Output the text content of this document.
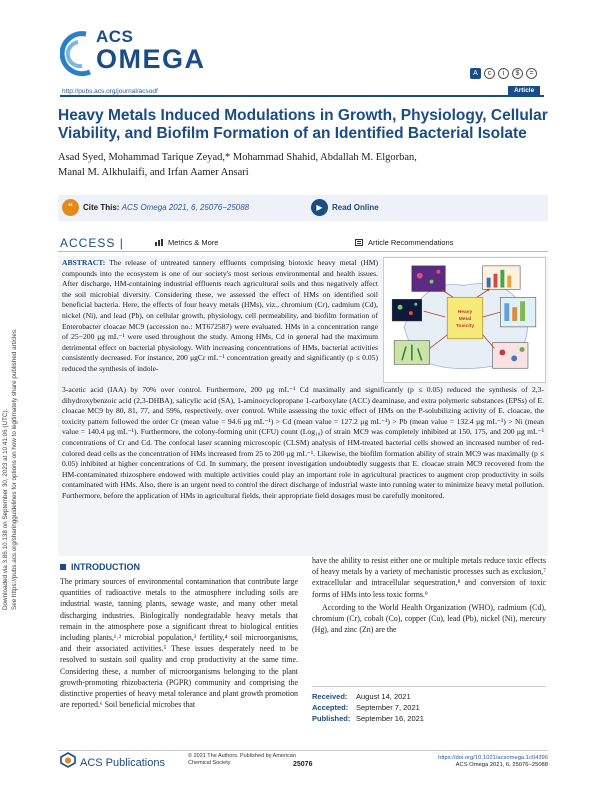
Downloaded via 3.86.10.138 on September 30, 2023 at 10:41:06 (UTC). See https://pubs.acs.org/sharingguidelines for options on how to legitimately share published articles.
ACS
OMEGA	A	c	i	$	=
http://pubs.acs.org/journal/acsodf	Article
Heavy Metals Induced Modulations in Growth, Physiology, Cellular Viability, and Biofilm Formation of an Identified Bacterial Isolate
Asad Syed, Mohammad Tarique Zeyad,* Mohammad Shahid, Abdallah M. Elgorban,
Manal M. Alkhulaifi, and Irfan Aamer Ansari
“	Cite This: ACS Omega 2021, 6, 25076−25088	▶	Read Online
ACCESS |	Metrics & More	Article Recommendations
ABSTRACT: The release of untreated tannery effluents comprising biotoxic heavy metal (HM) compounds into the ecosystem is one of our society's most serious environmental and health issues. After discharge, HM-containing industrial effluents reach agricultural soils and thus negatively affect the soil microbial diversity. Considering these, we assessed the effect of HMs on identified soil beneficial bacteria. Here, the effects of four heavy metals (HMs), viz., chromium (Cr), cadmium (Cd), nickel (Ni), and lead (Pb), on cellular growth, physiology, cell permeability, and biofilm formation of Enterobacter cloacae MC9 (accession no.: MT672587) were evaluated. HMs in a concentration range of 25−200 μg mL⁻¹ were used throughout the study. Among HMs, Cd in general had the maximum detrimental effect on bacterial physiology. With increasing concentrations of HMs, bacterial activities consistently decreased. For instance, 200 μgCr mL⁻¹ concentration greatly and significantly (p ≤ 0.05) reduced the synthesis of indole-
3-acetic acid (IAA) by 70% over control. Furthermore, 200 μg mL⁻¹ Cd maximally and significantly (p ≤ 0.05) reduced the synthesis of 2,3-dihydroxybenzoic acid (2,3-DHBA), salicylic acid (SA), 1-aminocyclopropane 1-carboxylate (ACC) deaminase, and extra polymeric substances (EPSs) of E. cloacae MC9 by 80, 81, 77, and 59%, respectively, over control. While assessing the toxic effect of HMs on the P-solubilizing activity of E. cloacae, the toxicity pattern followed the order Cr (mean value = 94.6 μg mL⁻¹) > Cd (mean value = 127.2 μg mL⁻¹) > Pb (mean value = 132.4 μg mL⁻¹) > Ni (mean value = 140.4 μg mL⁻¹). Furthermore, the colony-forming unit (CFU) count (Log₁₀) of strain MC9 was completely inhibited at 150, 175, and 200 μg mL⁻¹ concentrations of Cr and Cd. The confocal laser scanning microscopic (CLSM) analysis of HM-treated bacterial cells showed an increased number of red-colored dead cells as the concentration of HMs increased from 25 to 200 μg mL⁻¹. Likewise, the biofilm formation ability of strain MC9 was maximally (p ≤ 0.05) inhibited at higher concentrations of Cd. In summary, the present investigation undoubtedly suggests that E. cloacae strain MC9 recovered from the HM-contaminated rhizosphere endowed with multiple activities could play an important role in agricultural practices to augment crop productivity in soils contaminated with HMs. Also, there is an urgent need to control the direct discharge of industrial waste into running water to minimize heavy metal pollution. Furthermore, before the application of HMs in agricultural fields, their appropriate field dosages must be carefully monitored.
Heavy
Metal
Toxicity
INTRODUCTION
The primary sources of environmental contamination that contribute large quantities of radioactive metals to the atmosphere including soils are industrial waste, tanning plants, sewage waste, and many other metal discharging industries. Biologically nondegradable heavy metals that remain in the atmosphere pose a significant threat to biological entities including plants,¹˒² microbial population,³ fertility,⁴ soil microorganisms, and their associated activities.⁵ These issues desperately need to be resolved to sustain soil quality and crop productivity at the same time. Considering these, a number of microorganisms belonging to the plant growth-promoting rhizobacteria (PGPR) community and comprising the distinctive properties of heavy metal tolerance and plant growth promotion are reported.⁶ Soil beneficial microbes that

have the ability to resist either one or multiple metals reduce toxic effects of heavy metals by a variety of mechanistic processes such as exclusion,⁷ extracellular and intracellular sequestration,⁸ and conversion of toxic forms of HMs into less toxic forms.⁹

According to the World Health Organization (WHO), cadmium (Cd), chromium (Cr), cobalt (Co), copper (Cu), lead (Pb), nickel (Ni), mercury (Hg), and zinc (Zn) are the

Received: August 14, 2021
Accepted: September 7, 2021
Published: September 16, 2021
ACS Publications
© 2021 The Authors. Published by American Chemical Society	25076
https://doi.org/10.1021/acsomega.1c04396
ACS Omega 2021, 6, 25076−25088
